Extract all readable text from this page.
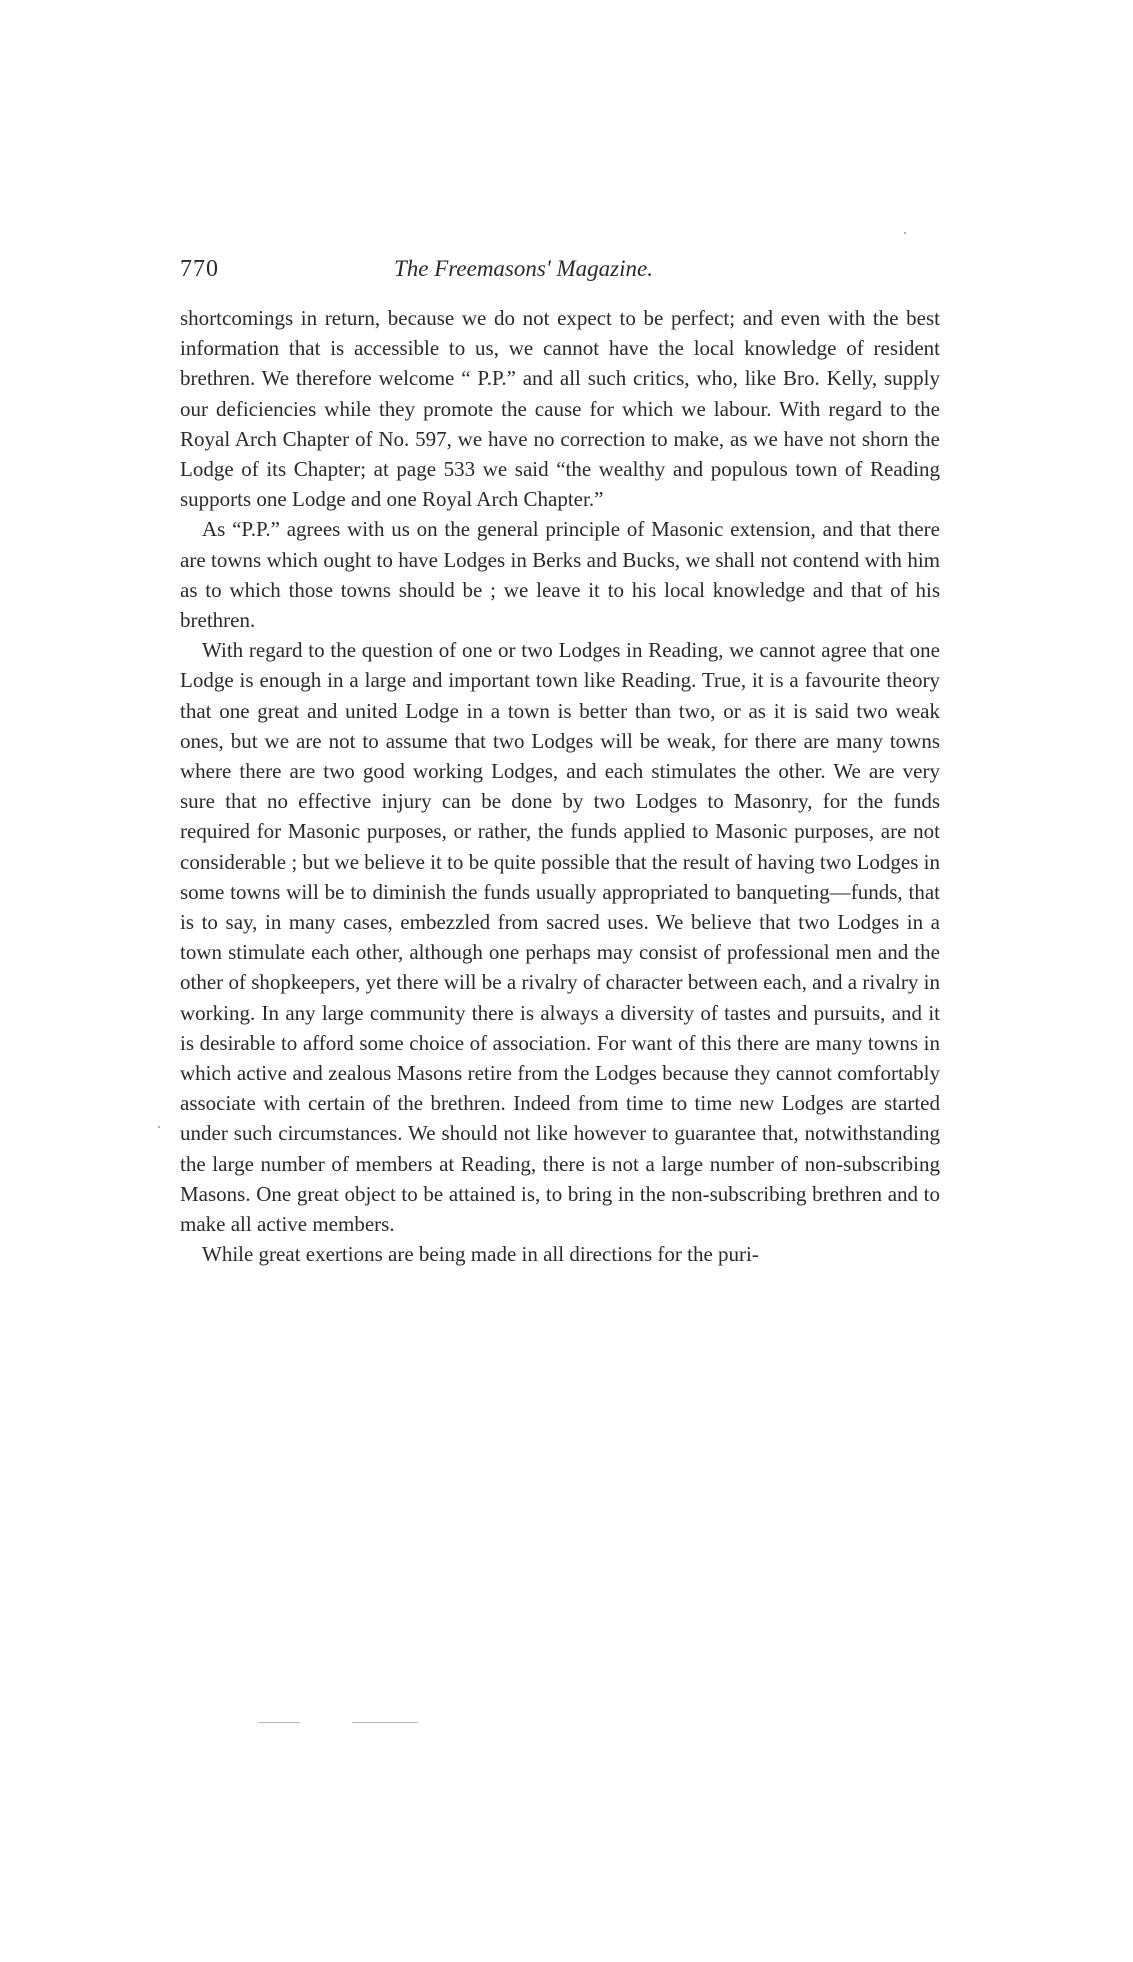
770	The Freemasons' Magazine.

shortcomings in return, because we do not expect to be perfect; and even with the best information that is accessible to us, we cannot have the local knowledge of resident brethren. We therefore welcome “ P.P.” and all such critics, who, like Bro. Kelly, supply our deficiencies while they promote the cause for which we labour. With regard to the Royal Arch Chapter of No. 597, we have no correction to make, as we have not shorn the Lodge of its Chapter; at page 533 we said “the wealthy and populous town of Reading supports one Lodge and one Royal Arch Chapter.”

As “P.P.” agrees with us on the general principle of Masonic extension, and that there are towns which ought to have Lodges in Berks and Bucks, we shall not contend with him as to which those towns should be ; we leave it to his local knowledge and that of his brethren.

With regard to the question of one or two Lodges in Reading, we cannot agree that one Lodge is enough in a large and important town like Reading. True, it is a favourite theory that one great and united Lodge in a town is better than two, or as it is said two weak ones, but we are not to assume that two Lodges will be weak, for there are many towns where there are two good working Lodges, and each stimulates the other. We are very sure that no effective injury can be done by two Lodges to Masonry, for the funds required for Masonic purposes, or rather, the funds applied to Masonic purposes, are not considerable ; but we believe it to be quite possible that the result of having two Lodges in some towns will be to diminish the funds usually appropriated to banqueting—funds, that is to say, in many cases, embezzled from sacred uses. We believe that two Lodges in a town stimulate each other, although one perhaps may consist of professional men and the other of shopkeepers, yet there will be a rivalry of character between each, and a rivalry in working. In any large community there is always a diversity of tastes and pursuits, and it is desirable to afford some choice of association. For want of this there are many towns in which active and zealous Masons retire from the Lodges because they cannot comfortably associate with certain of the brethren. Indeed from time to time new Lodges are started under such circumstances. We should not like however to guarantee that, notwithstanding the large number of members at Reading, there is not a large number of non-subscribing Masons. One great object to be attained is, to bring in the non-subscribing brethren and to make all active members.

While great exertions are being made in all directions for the puri-
